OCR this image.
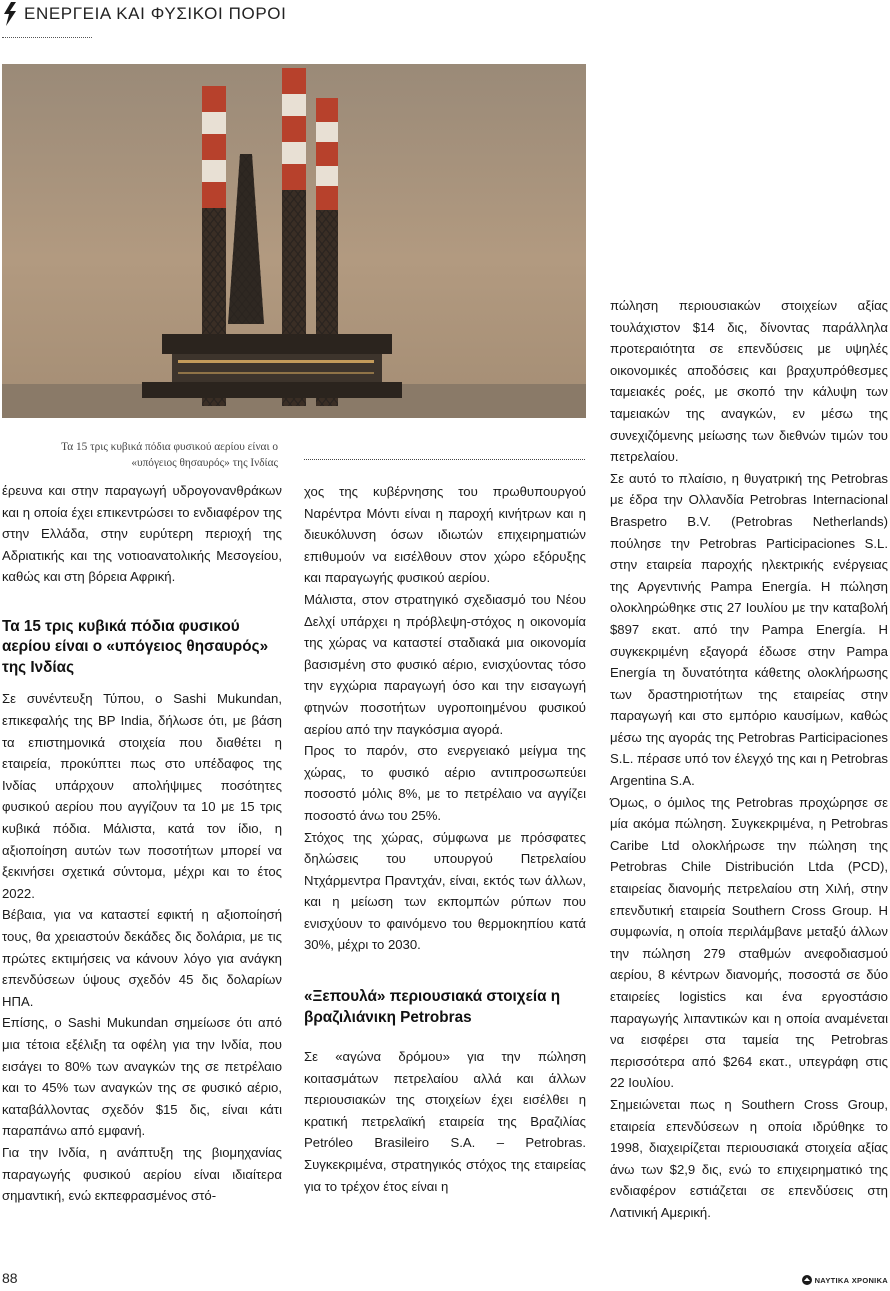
ΕΝΕΡΓΕΙΑ ΚΑΙ ΦΥΣΙΚΟΙ ΠΟΡΟΙ
Τα 15 τρις κυβικά πόδια φυσικού αερίου είναι ο
«υπόγειος θησαυρός» της Ινδίας

έρευνα και στην παραγωγή υδρογονανθράκων και η οποία έχει επικεντρώσει το ενδιαφέρον της στην Ελλάδα, στην ευρύτερη περιοχή της Αδριατικής και της νοτιοανατολικής Μεσογείου, καθώς και στη βόρεια Αφρική.

Τα 15 τρις κυβικά πόδια φυσικού αερίου είναι ο «υπόγειος θησαυρός» της Ινδίας

Σε συνέντευξη Τύπου, ο Sashi Mukundan, επικεφαλής της BP India, δήλωσε ότι, με βάση τα επιστημονικά στοιχεία που διαθέτει η εταιρεία, προκύπτει πως στο υπέδαφος της Ινδίας υπάρχουν απολήψιμες ποσότητες φυσικού αερίου που αγγίζουν τα 10 με 15 τρις κυβικά πόδια. Μάλιστα, κατά τον ίδιο, η αξιοποίηση αυτών των ποσοτήτων μπορεί να ξεκινήσει σχετικά σύντομα, μέχρι και το έτος 2022.

Βέβαια, για να καταστεί εφικτή η αξιοποίησή τους, θα χρειαστούν δεκάδες δις δολάρια, με τις πρώτες εκτιμήσεις να κάνουν λόγο για ανάγκη επενδύσεων ύψους σχεδόν 45 δις δολαρίων ΗΠΑ.

Επίσης, ο Sashi Mukundan σημείωσε ότι από μια τέτοια εξέλιξη τα οφέλη για την Ινδία, που εισάγει το 80% των αναγκών της σε πετρέλαιο και το 45% των αναγκών της σε φυσικό αέριο, καταβάλλοντας σχεδόν $15 δις, είναι κάτι παραπάνω από εμφανή.

Για την Ινδία, η ανάπτυξη της βιομηχανίας παραγωγής φυσικού αερίου είναι ιδιαίτερα σημαντική, ενώ εκπεφρασμένος στό-

χος της κυβέρνησης του πρωθυπουργού Ναρέντρα Μόντι είναι η παροχή κινήτρων και η διευκόλυνση όσων ιδιωτών επιχειρηματιών επιθυμούν να εισέλθουν στον χώρο εξόρυξης και παραγωγής φυσικού αερίου.

Μάλιστα, στον στρατηγικό σχεδιασμό του Νέου Δελχί υπάρχει η πρόβλεψη-στόχος η οικονομία της χώρας να καταστεί σταδιακά μια οικονομία βασισμένη στο φυσικό αέριο, ενισχύοντας τόσο την εγχώρια παραγωγή όσο και την εισαγωγή φτηνών ποσοτήτων υγροποιημένου φυσικού αερίου από την παγκόσμια αγορά.

Προς το παρόν, στο ενεργειακό μείγμα της χώρας, το φυσικό αέριο αντιπροσωπεύει ποσοστό μόλις 8%, με το πετρέλαιο να αγγίζει ποσοστό άνω του 25%.

Στόχος της χώρας, σύμφωνα με πρόσφατες δηλώσεις του υπουργού Πετρελαίου Ντχάρμεντρα Πραντχάν, είναι, εκτός των άλλων, και η μείωση των εκπομπών ρύπων που ενισχύουν το φαινόμενο του θερμοκηπίου κατά 30%, μέχρι το 2030.

«Ξεπουλά» περιουσιακά στοιχεία η βραζιλιάνικη Petrobras

Σε «αγώνα δρόμου» για την πώληση κοιτασμάτων πετρελαίου αλλά και άλλων περιουσιακών της στοιχείων έχει εισέλθει η κρατική πετρελαϊκή εταιρεία της Βραζιλίας Petróleo Brasileiro S.A. – Petrobras. Συγκεκριμένα, στρατηγικός στόχος της εταιρείας για το τρέχον έτος είναι η

πώληση περιουσιακών στοιχείων αξίας τουλάχιστον $14 δις, δίνοντας παράλληλα προτεραιότητα σε επενδύσεις με υψηλές οικονομικές αποδόσεις και βραχυπρόθεσμες ταμειακές ροές, με σκοπό την κάλυψη των ταμειακών της αναγκών, εν μέσω της συνεχιζόμενης μείωσης των διεθνών τιμών του πετρελαίου.

Σε αυτό το πλαίσιο, η θυγατρική της Petrobras με έδρα την Ολλανδία Petrobras Internacional Braspetro B.V. (Petrobras Netherlands) πούλησε την Petrobras Participaciones S.L. στην εταιρεία παροχής ηλεκτρικής ενέργειας της Αργεντινής Pampa Energía. Η πώληση ολοκληρώθηκε στις 27 Ιουλίου με την καταβολή $897 εκατ. από την Pampa Energía. Η συγκεκριμένη εξαγορά έδωσε στην Pampa Energía τη δυνατότητα κάθετης ολοκλήρωσης των δραστηριοτήτων της εταιρείας στην παραγωγή και στο εμπόριο καυσίμων, καθώς μέσω της αγοράς της Petrobras Participaciones S.L. πέρασε υπό τον έλεγχό της και η Petrobras Argentina S.A.

Όμως, ο όμιλος της Petrobras προχώρησε σε μία ακόμα πώληση. Συγκεκριμένα, η Petrobras Caribe Ltd ολοκλήρωσε την πώληση της Petrobras Chile Distribución Ltda (PCD), εταιρείας διανομής πετρελαίου στη Χιλή, στην επενδυτική εταιρεία Southern Cross Group. Η συμφωνία, η οποία περιλάμβανε μεταξύ άλλων την πώληση 279 σταθμών ανεφοδιασμού αερίου, 8 κέντρων διανομής, ποσοστά σε δύο εταιρείες logistics και ένα εργοστάσιο παραγωγής λιπαντικών και η οποία αναμένεται να εισφέρει στα ταμεία της Petrobras περισσότερα από $264 εκατ., υπεγράφη στις 22 Ιουλίου.

Σημειώνεται πως η Southern Cross Group, εταιρεία επενδύσεων η οποία ιδρύθηκε το 1998, διαχειρίζεται περιουσιακά στοιχεία αξίας άνω των $2,9 δις, ενώ το επιχειρηματικό της ενδιαφέρον εστιάζεται σε επενδύσεις στη Λατινική Αμερική.

88	ΝΑΥΤΙΚΑ ΧΡΟΝΙΚΑ
